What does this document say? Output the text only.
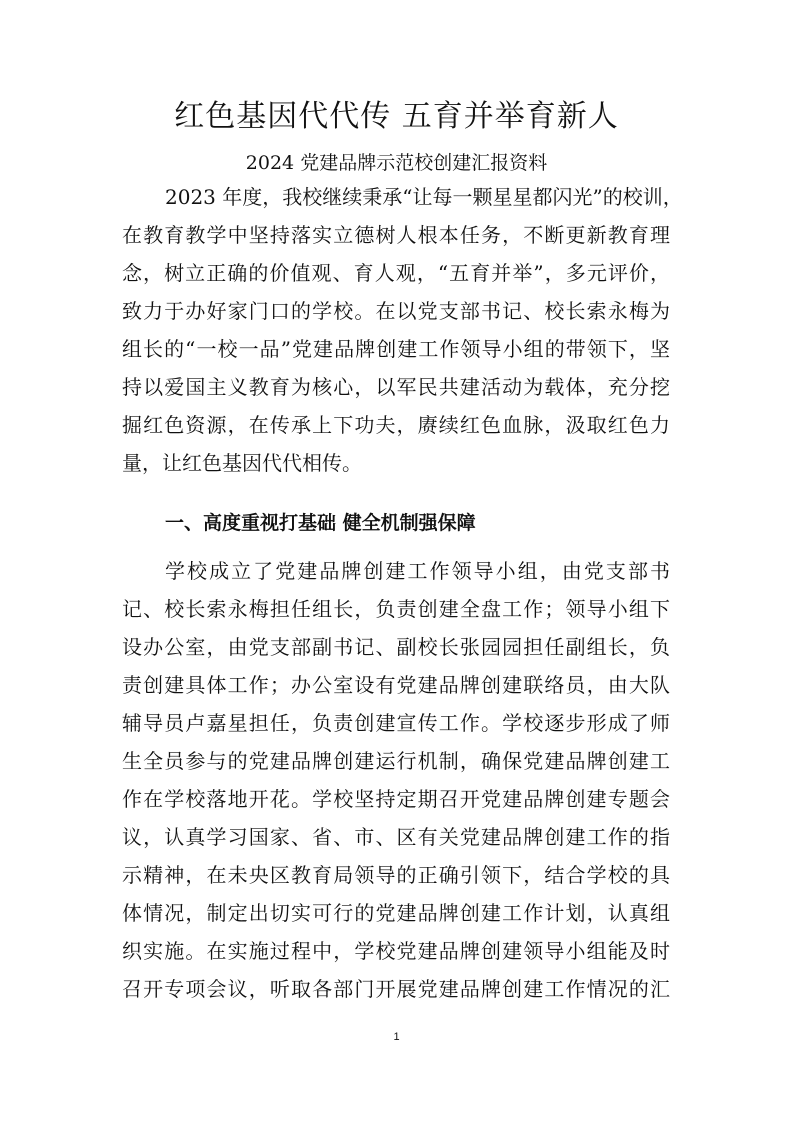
红色基因代代传 五育并举育新人
2024 党建品牌示范校创建汇报资料
2023 年度，我校继续秉承“让每一颗星星都闪光”的校训，
在教育教学中坚持落实立德树人根本任务，不断更新教育理
念，树立正确的价值观、育人观，“五育并举”，多元评价，
致力于办好家门口的学校。在以党支部书记、校长索永梅为
组长的“一校一品”党建品牌创建工作领导小组的带领下，坚
持以爱国主义教育为核心，以军民共建活动为载体，充分挖
掘红色资源，在传承上下功夫，赓续红色血脉，汲取红色力
量，让红色基因代代相传。
一、高度重视打基础 健全机制强保障
学校成立了党建品牌创建工作领导小组，由党支部书
记、校长索永梅担任组长，负责创建全盘工作；领导小组下
设办公室，由党支部副书记、副校长张园园担任副组长，负
责创建具体工作；办公室设有党建品牌创建联络员，由大队
辅导员卢嘉星担任，负责创建宣传工作。学校逐步形成了师
生全员参与的党建品牌创建运行机制，确保党建品牌创建工
作在学校落地开花。学校坚持定期召开党建品牌创建专题会
议，认真学习国家、省、市、区有关党建品牌创建工作的指
示精神，在未央区教育局领导的正确引领下，结合学校的具
体情况，制定出切实可行的党建品牌创建工作计划，认真组
织实施。在实施过程中，学校党建品牌创建领导小组能及时
召开专项会议，听取各部门开展党建品牌创建工作情况的汇
1
